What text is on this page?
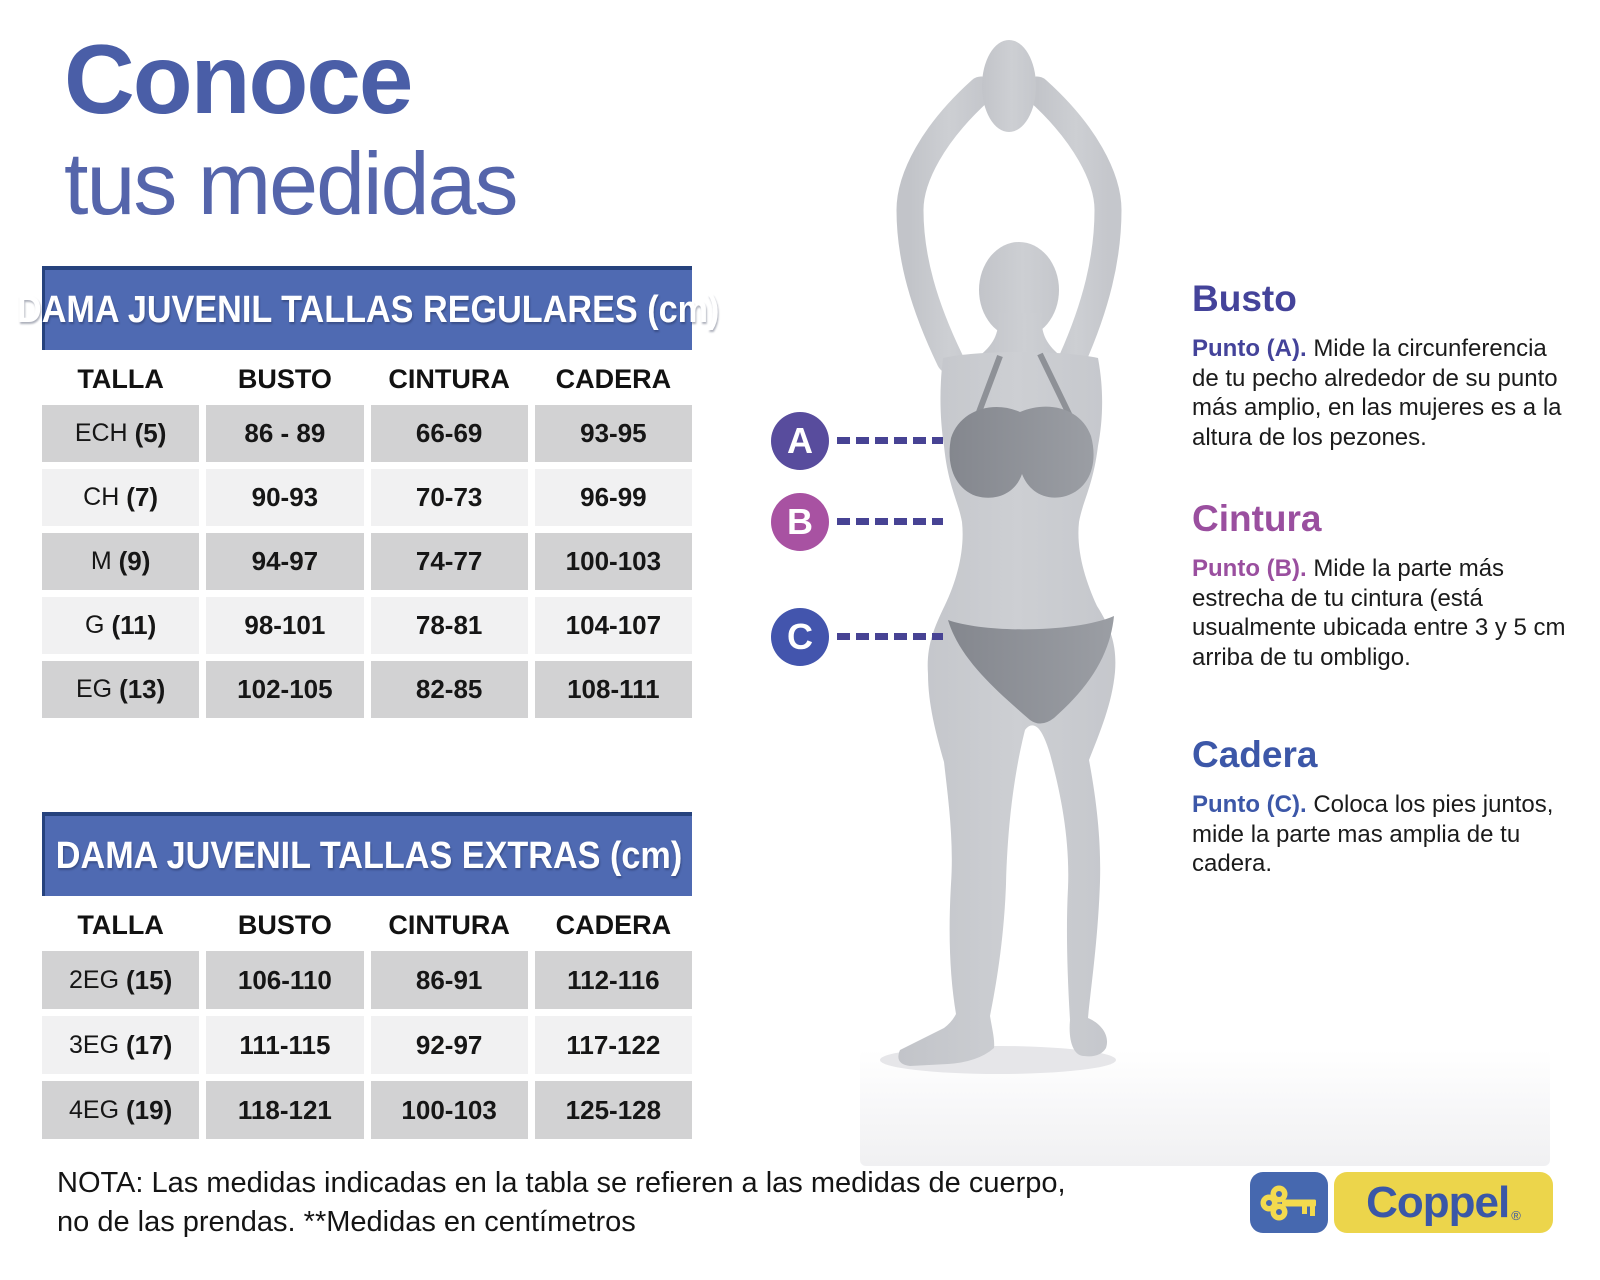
Conoce
tus medidas
DAMA JUVENIL TALLAS REGULARES (cm)
TALLA	BUSTO	CINTURA	CADERA
ECH (5)	86 - 89	66-69	93-95
CH (7)	90-93	70-73	96-99
M (9)	94-97	74-77	100-103
G (11)	98-101	78-81	104-107
EG (13)	102-105	82-85	108-111
DAMA JUVENIL TALLAS EXTRAS (cm)
TALLA	BUSTO	CINTURA	CADERA
2EG (15)	106-110	86-91	112-116
3EG (17)	111-115	92-97	117-122
4EG (19)	118-121	100-103	125-128
A
B
C
Busto

Punto (A). Mide la circunferencia de tu pecho alrededor de su punto más amplio, en las mujeres es a la altura de los pezones.

Cintura

Punto (B). Mide la parte más estrecha de tu cintura (está usualmente ubicada entre 3 y 5 cm arriba de tu ombligo.

Cadera

Punto (C). Coloca los pies juntos, mide la parte mas amplia de tu cadera.

NOTA: Las medidas indicadas en la tabla se refieren a las medidas de cuerpo, no de las prendas. **Medidas en centímetros	Coppel ®
